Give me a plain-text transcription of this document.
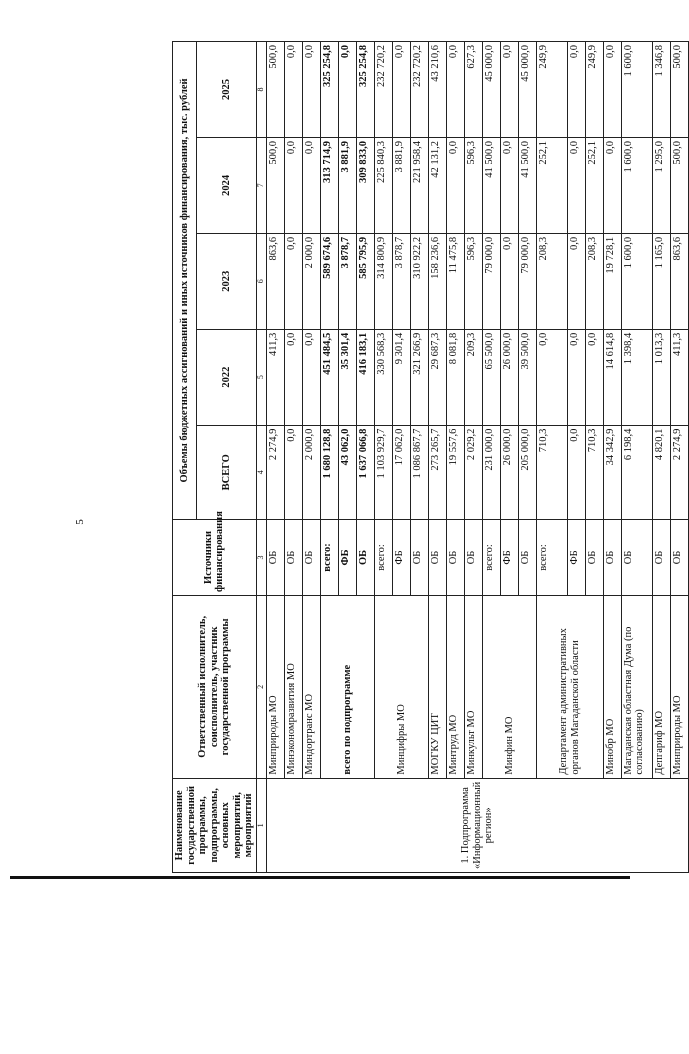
5
Наименование государственной программы, подпрограммы, основных мероприятий, мероприятий	Ответственный исполнитель, соисполнитель, участник государственной программы	Источники финансирования	Объемы бюджетных ассигнований и иных источников финансирования, тыс. рублей				
			ВСЕГО	2022	2023	2024	2025
1	2	3	4	5	6	7	8
1. Подпрограмма «Информационный регион»	Минприроды МО	ОБ	2 274,9	411,3	863,6	500,0	500,0
	Минэкономразвития МО	ОБ	0,0	0,0	0,0	0,0	0,0
	Миндортранс МО	ОБ	2 000,0	0,0	2 000,0	0,0	0,0
	всего по подпрограмме	всего:	1 680 128,8	451 484,5	589 674,6	313 714,9	325 254,8
		ФБ	43 062,0	35 301,4	3 878,7	3 881,9	0,0
		ОБ	1 637 066,8	416 183,1	585 795,9	309 833,0	325 254,8
	Минцифры МО	всего:	1 103 929,7	330 568,3	314 800,9	225 840,3	232 720,2
		ФБ	17 062,0	9 301,4	3 878,7	3 881,9	0,0
		ОБ	1 086 867,7	321 266,9	310 922,2	221 958,4	232 720,2
	МОГКУ ЦИТ	ОБ	273 265,7	29 687,3	158 236,6	42 131,2	43 210,6
	Минтруд МО	ОБ	19 557,6	8 081,8	11 475,8	0,0	0,0
	Минкульт МО	ОБ	2 029,2	209,3	596,3	596,3	627,3
	Минфин МО	всего:	231 000,0	65 500,0	79 000,0	41 500,0	45 000,0
		ФБ	26 000,0	26 000,0	0,0	0,0	0,0
		ОБ	205 000,0	39 500,0	79 000,0	41 500,0	45 000,0
	Департамент административных органов Магаданской области	всего:	710,3	0,0	208,3	252,1	249,9
		ФБ	0,0	0,0	0,0	0,0	0,0
		ОБ	710,3	0,0	208,3	252,1	249,9
	Минобр МО	ОБ	34 342,9	14 614,8	19 728,1	0,0	0,0
	Магаданская областная Дума (по согласованию)	ОБ	6 198,4	1 398,4	1 600,0	1 600,0	1 600,0
	Депгариф МО	ОБ	4 820,1	1 013,3	1 165,0	1 295,0	1 346,8
	Минприроды МО	ОБ	2 274,9	411,3	863,6	500,0	500,0
